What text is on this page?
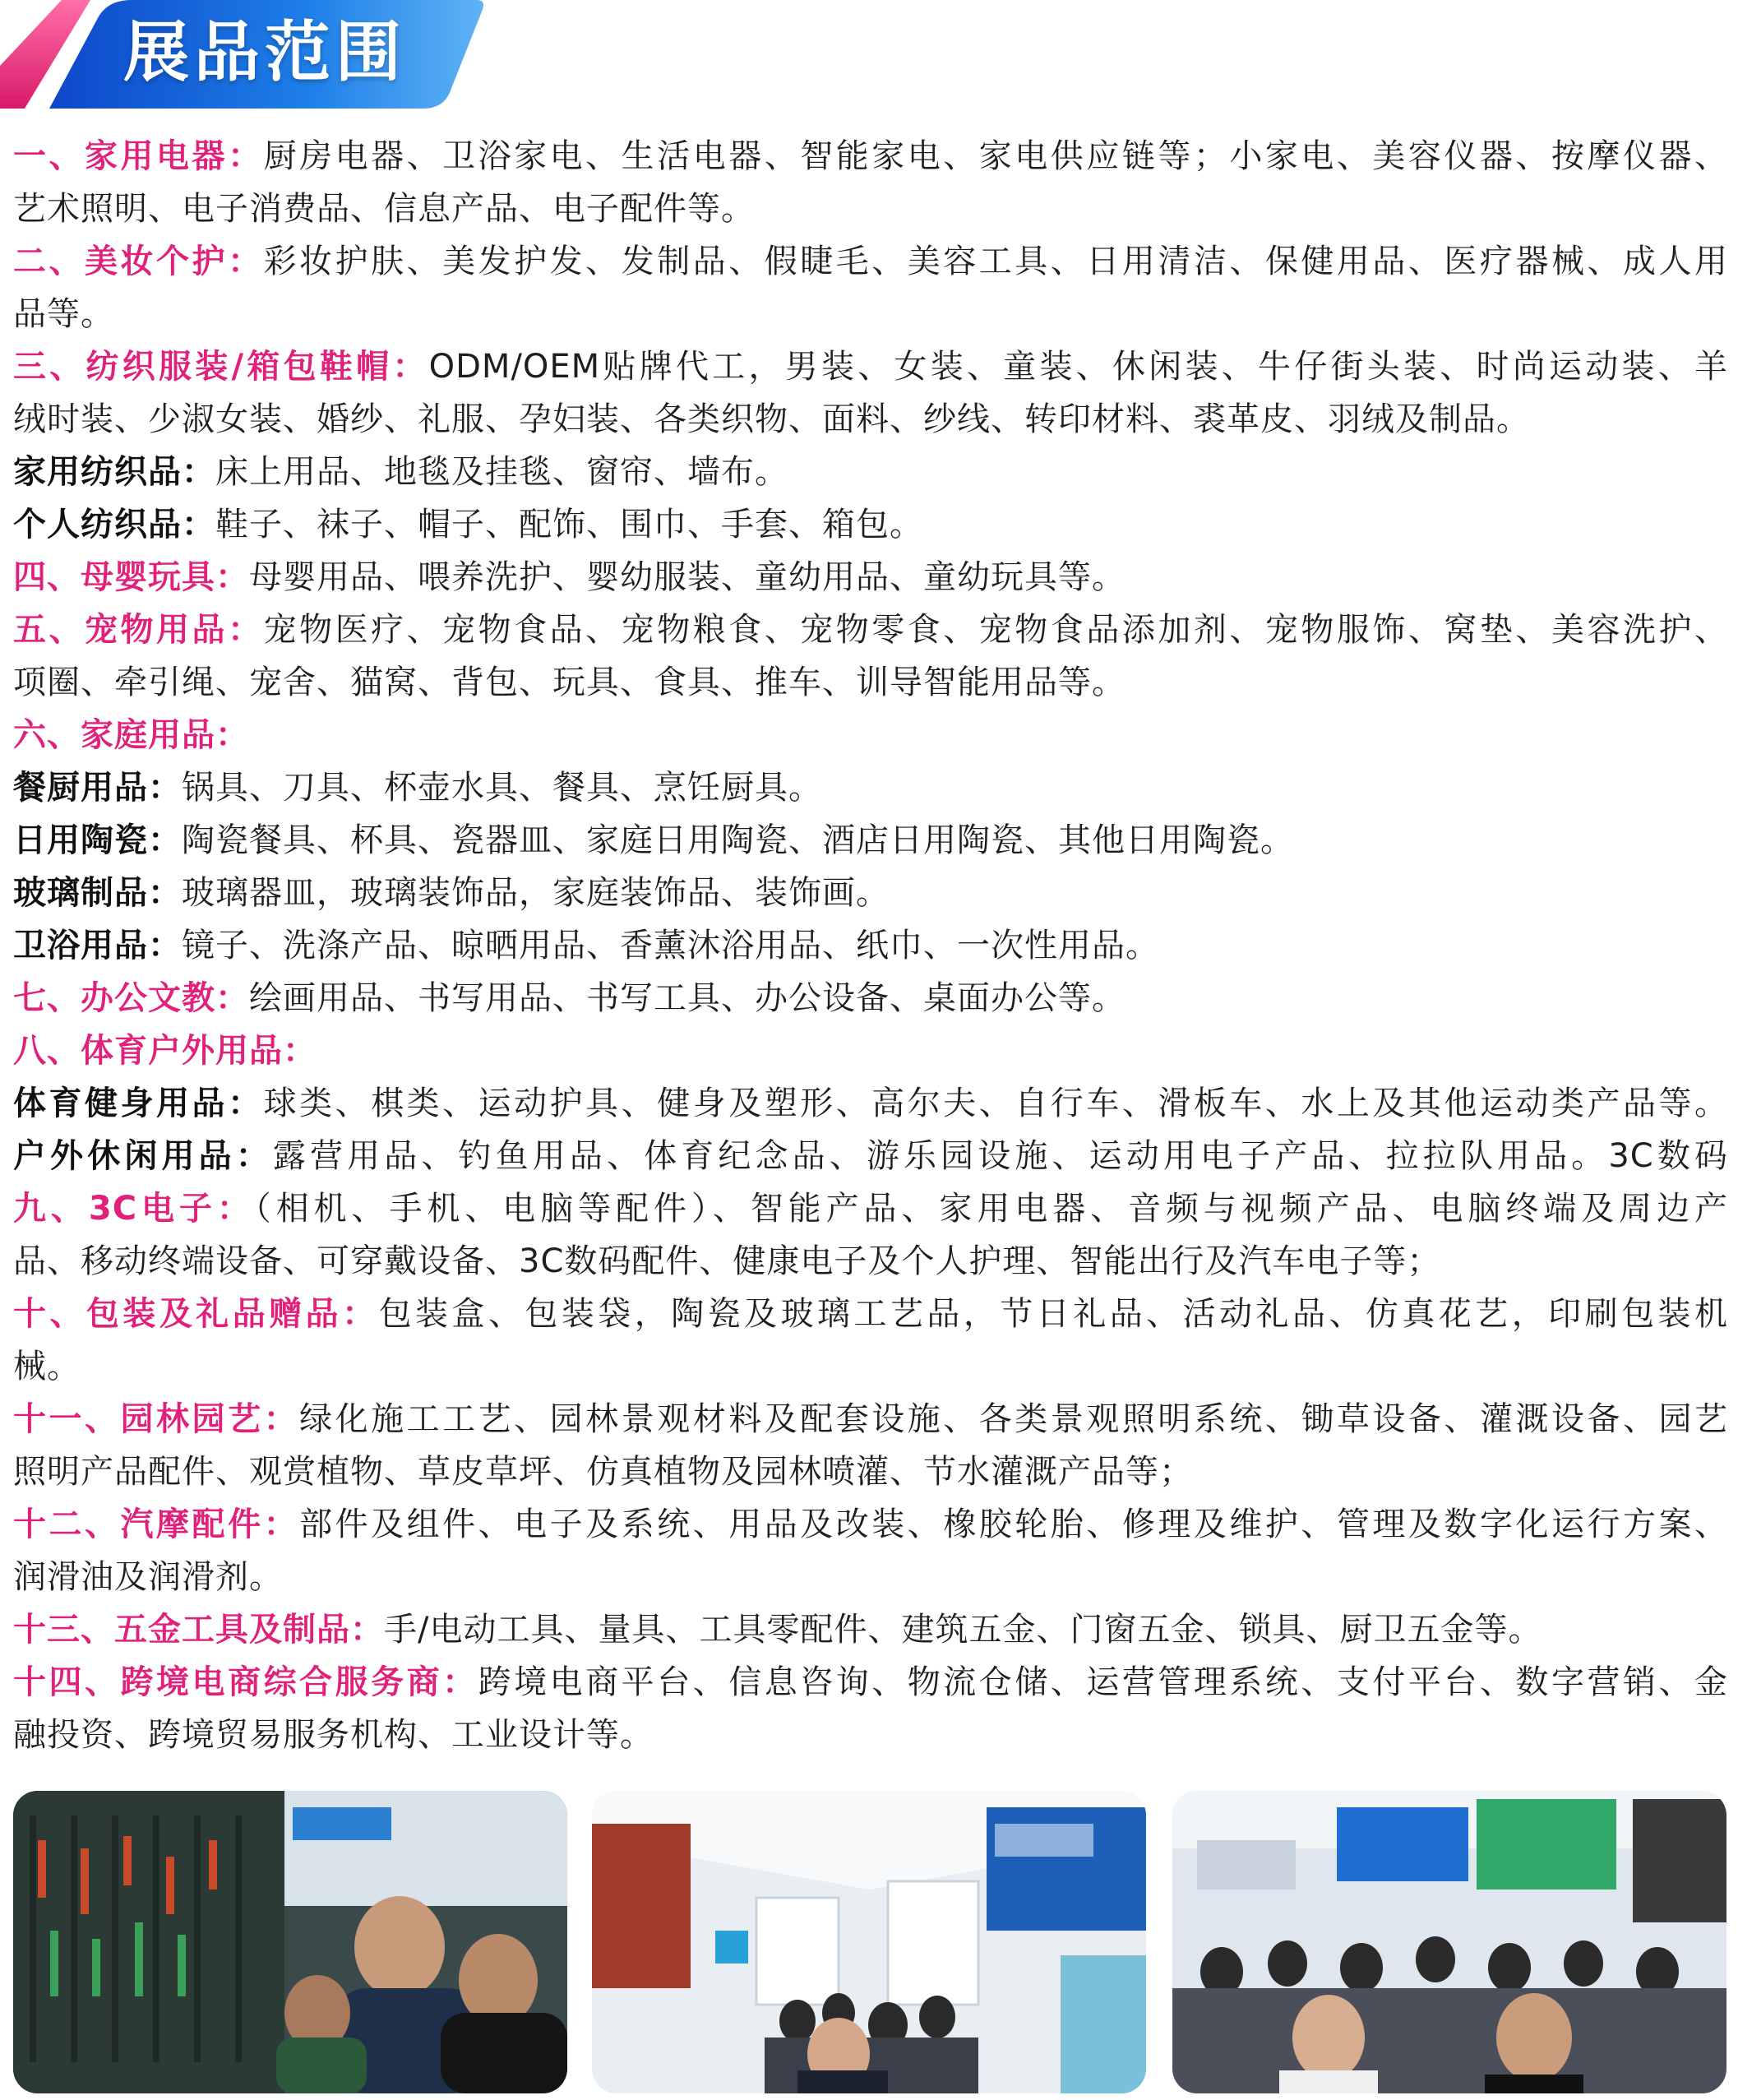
展品范围
一、家用电器：厨房电器、卫浴家电、生活电器、智能家电、家电供应链等；小家电、美容仪器、按摩仪器、
艺术照明、电子消费品、信息产品、电子配件等。
二、美妆个护：彩妆护肤、美发护发、发制品、假睫毛、美容工具、日用清洁、保健用品、医疗器械、成人用
品等。
三、纺织服装/箱包鞋帽：ODM/OEM贴牌代工，男装、女装、童装、休闲装、牛仔街头装、时尚运动装、羊
绒时装、少淑女装、婚纱、礼服、孕妇装、各类织物、面料、纱线、转印材料、裘革皮、羽绒及制品。
家用纺织品：床上用品、地毯及挂毯、窗帘、墙布。
个人纺织品：鞋子、袜子、帽子、配饰、围巾、手套、箱包。
四、母婴玩具：母婴用品、喂养洗护、婴幼服装、童幼用品、童幼玩具等。
五、宠物用品：宠物医疗、宠物食品、宠物粮食、宠物零食、宠物食品添加剂、宠物服饰、窝垫、美容洗护、
项圈、牵引绳、宠舍、猫窝、背包、玩具、食具、推车、训导智能用品等。
六、家庭用品：
餐厨用品：锅具、刀具、杯壶水具、餐具、烹饪厨具。
日用陶瓷：陶瓷餐具、杯具、瓷器皿、家庭日用陶瓷、酒店日用陶瓷、其他日用陶瓷。
玻璃制品：玻璃器皿，玻璃装饰品，家庭装饰品、装饰画。
卫浴用品：镜子、洗涤产品、晾晒用品、香薰沐浴用品、纸巾、一次性用品。
七、办公文教：绘画用品、书写用品、书写工具、办公设备、桌面办公等。
八、体育户外用品：
体育健身用品：球类、棋类、运动护具、健身及塑形、高尔夫、自行车、滑板车、水上及其他运动类产品等。
户外休闲用品：露营用品、钓鱼用品、体育纪念品、游乐园设施、运动用电子产品、拉拉队用品。3C数码
九、3C电子：（相机、手机、电脑等配件）、智能产品、家用电器、音频与视频产品、电脑终端及周边产
品、移动终端设备、可穿戴设备、3C数码配件、健康电子及个人护理、智能出行及汽车电子等；
十、包装及礼品赠品：包装盒、包装袋，陶瓷及玻璃工艺品，节日礼品、活动礼品、仿真花艺，印刷包装机
械。
十一、园林园艺：绿化施工工艺、园林景观材料及配套设施、各类景观照明系统、锄草设备、灌溉设备、园艺
照明产品配件、观赏植物、草皮草坪、仿真植物及园林喷灌、节水灌溉产品等；
十二、汽摩配件：部件及组件、电子及系统、用品及改装、橡胶轮胎、修理及维护、管理及数字化运行方案、
润滑油及润滑剂。
十三、五金工具及制品：手/电动工具、量具、工具零配件、建筑五金、门窗五金、锁具、厨卫五金等。
十四、跨境电商综合服务商：跨境电商平台、信息咨询、物流仓储、运营管理系统、支付平台、数字营销、金
融投资、跨境贸易服务机构、工业设计等。
